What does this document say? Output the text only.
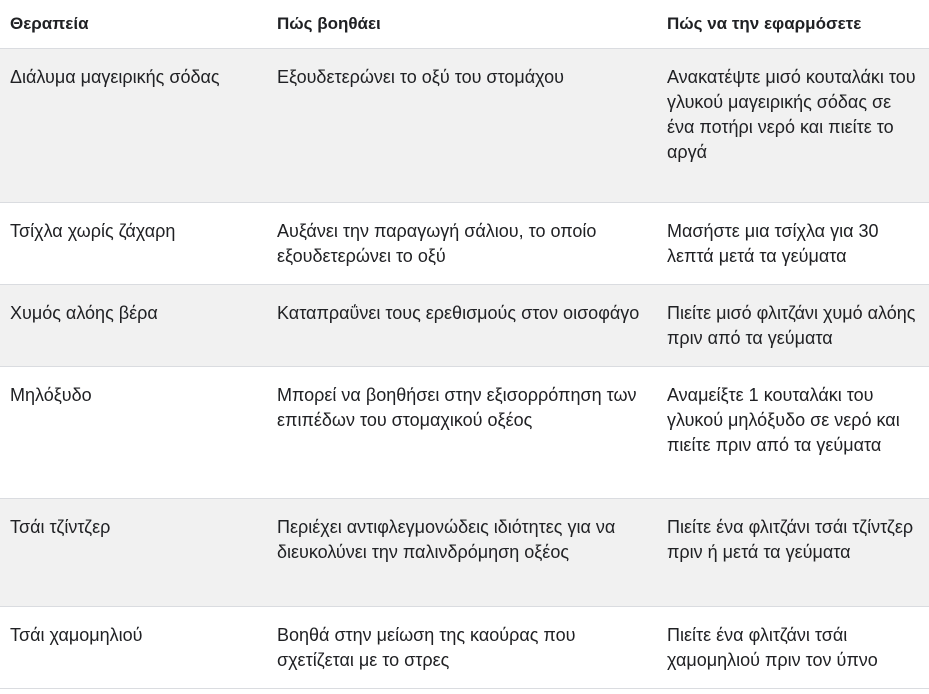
Θεραπεία	Πώς βοηθάει	Πώς να την εφαρμόσετε
Διάλυμα μαγειρικής σόδας	Εξουδετερώνει το οξύ του στομάχου	Ανακατέψτε μισό κουταλάκι του γλυκού μαγειρικής σόδας σε ένα ποτήρι νερό και πιείτε το αργά
Τσίχλα χωρίς ζάχαρη	Αυξάνει την παραγωγή σάλιου, το οποίο εξουδετερώνει το οξύ	Μασήστε μια τσίχλα για 30 λεπτά μετά τα γεύματα
Χυμός αλόης βέρα	Καταπραΰνει τους ερεθισμούς στον οισοφάγο	Πιείτε μισό φλιτζάνι χυμό αλόης πριν από τα γεύματα
Μηλόξυδο	Μπορεί να βοηθήσει στην εξισορρόπηση των επιπέδων του στομαχικού οξέος	Αναμείξτε 1 κουταλάκι του γλυκού μηλόξυδο σε νερό και πιείτε πριν από τα γεύματα
Τσάι τζίντζερ	Περιέχει αντιφλεγμονώδεις ιδιότητες για να διευκολύνει την παλινδρόμηση οξέος	Πιείτε ένα φλιτζάνι τσάι τζίντζερ πριν ή μετά τα γεύματα
Τσάι χαμομηλιού	Βοηθά στην μείωση της καούρας που σχετίζεται με το στρες	Πιείτε ένα φλιτζάνι τσάι χαμομηλιού πριν τον ύπνο
